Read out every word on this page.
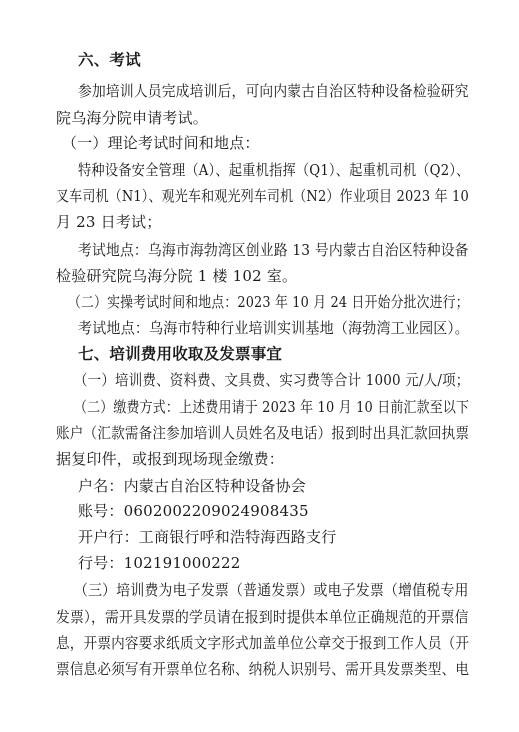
六、考试
参加培训人员完成培训后，可向内蒙古自治区特种设备检验研究
院乌海分院申请考试。
（一）理论考试时间和地点：
特种设备安全管理（A）、起重机指挥（Q1）、起重机司机（Q2）、
叉车司机（N1）、观光车和观光列车司机（N2）作业项目 2023 年 10
月 23 日考试；
考试地点：乌海市海勃湾区创业路 13 号内蒙古自治区特种设备
检验研究院乌海分院 1 楼 102 室。
（二）实操考试时间和地点：2023 年 10 月 24 日开始分批次进行；
考试地点：乌海市特种行业培训实训基地（海勃湾工业园区）。
七、培训费用收取及发票事宜
（一）培训费、资料费、文具费、实习费等合计 1000 元/人/项；
（二）缴费方式：上述费用请于 2023 年 10 月 10 日前汇款至以下
账户（汇款需备注参加培训人员姓名及电话）报到时出具汇款回执票
据复印件，或报到现场现金缴费：
户名：内蒙古自治区特种设备协会
账号：0602002209024908435
开户行：工商银行呼和浩特海西路支行
行号：102191000222
（三）培训费为电子发票（普通发票）或电子发票（增值税专用
发票），需开具发票的学员请在报到时提供本单位正确规范的开票信
息，开票内容要求纸质文字形式加盖单位公章交于报到工作人员（开
票信息必须写有开票单位名称、纳税人识别号、需开具发票类型、电
